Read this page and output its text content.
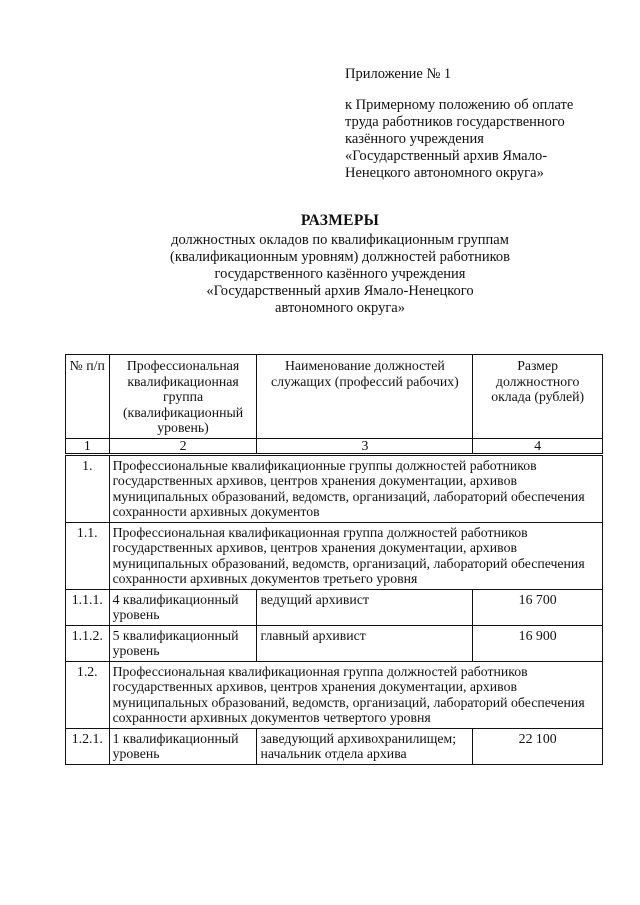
Приложение № 1
к Примерному положению об оплате
труда работников государственного
казённого учреждения
«Государственный архив Ямало-
Ненецкого автономного округа»
РАЗМЕРЫ
должностных окладов по квалификационным группам
(квалификационным уровням) должностей работников
государственного казённого учреждения
«Государственный архив Ямало-Ненецкого
автономного округа»
№ п/п	Профессиональная квалификационная группа (квалификационный уровень)	Наименование должностей служащих (профессий рабочих)	Размер должностного оклада (рублей)
1	2	3	4
1.	Профессиональные квалификационные группы должностей работников государственных архивов, центров хранения документации, архивов муниципальных образований, ведомств, организаций, лабораторий обеспечения сохранности архивных документов		
1.1.	Профессиональная квалификационная группа должностей работников государственных архивов, центров хранения документации, архивов муниципальных образований, ведомств, организаций, лабораторий обеспечения сохранности архивных документов третьего уровня		
1.1.1.	4 квалификационный уровень	ведущий архивист	16 700
1.1.2.	5 квалификационный уровень	главный архивист	16 900
1.2.	Профессиональная квалификационная группа должностей работников государственных архивов, центров хранения документации, архивов муниципальных образований, ведомств, организаций, лабораторий обеспечения сохранности архивных документов четвертого уровня		
1.2.1.	1 квалификационный уровень	заведующий архивохранилищем; начальник отдела архива	22 100
